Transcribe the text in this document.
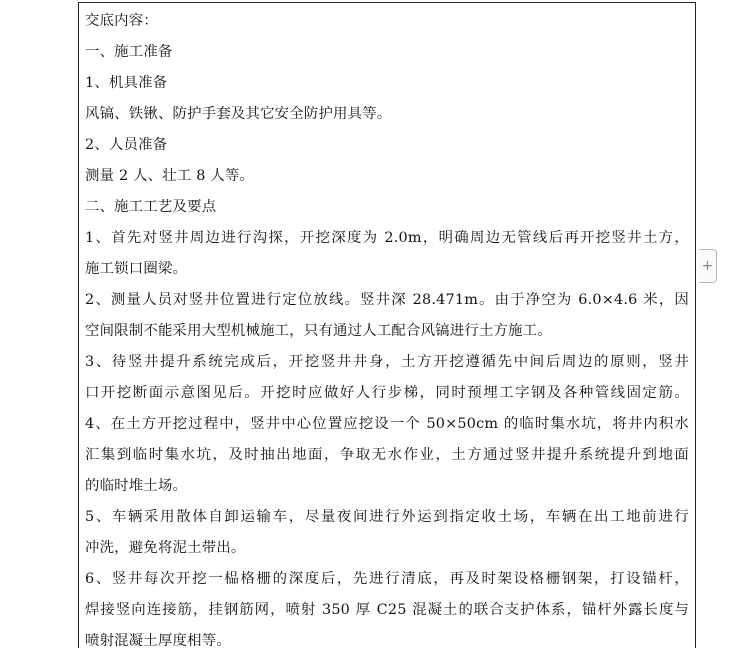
交底内容：
一、施工准备
1、机具准备
风镐、铁锹、防护手套及其它安全防护用具等。
2、人员准备
测量 2 人、壮工 8 人等。
二、施工工艺及要点
1、首先对竖井周边进行沟探，开挖深度为 2.0m，明确周边无管线后再开挖竖井土方，
施工锁口圈梁。
2、测量人员对竖井位置进行定位放线。竖井深 28.471m。由于净空为 6.0×4.6 米，因
空间限制不能采用大型机械施工，只有通过人工配合风镐进行土方施工。
3、待竖井提升系统完成后，开挖竖井井身，土方开挖遵循先中间后周边的原则，竖井
口开挖断面示意图见后。开挖时应做好人行步梯，同时预埋工字钢及各种管线固定筋。
4、在土方开挖过程中，竖井中心位置应挖设一个 50×50cm 的临时集水坑，将井内积水
汇集到临时集水坑，及时抽出地面，争取无水作业，土方通过竖井提升系统提升到地面
的临时堆土场。
5、车辆采用散体自卸运输车，尽量夜间进行外运到指定收土场，车辆在出工地前进行
冲洗，避免将泥土带出。
6、竖井每次开挖一榀格栅的深度后，先进行清底，再及时架设格栅钢架，打设锚杆，
焊接竖向连接筋，挂钢筋网，喷射 350 厚 C25 混凝土的联合支护体系，锚杆外露长度与
喷射混凝土厚度相等。
+
